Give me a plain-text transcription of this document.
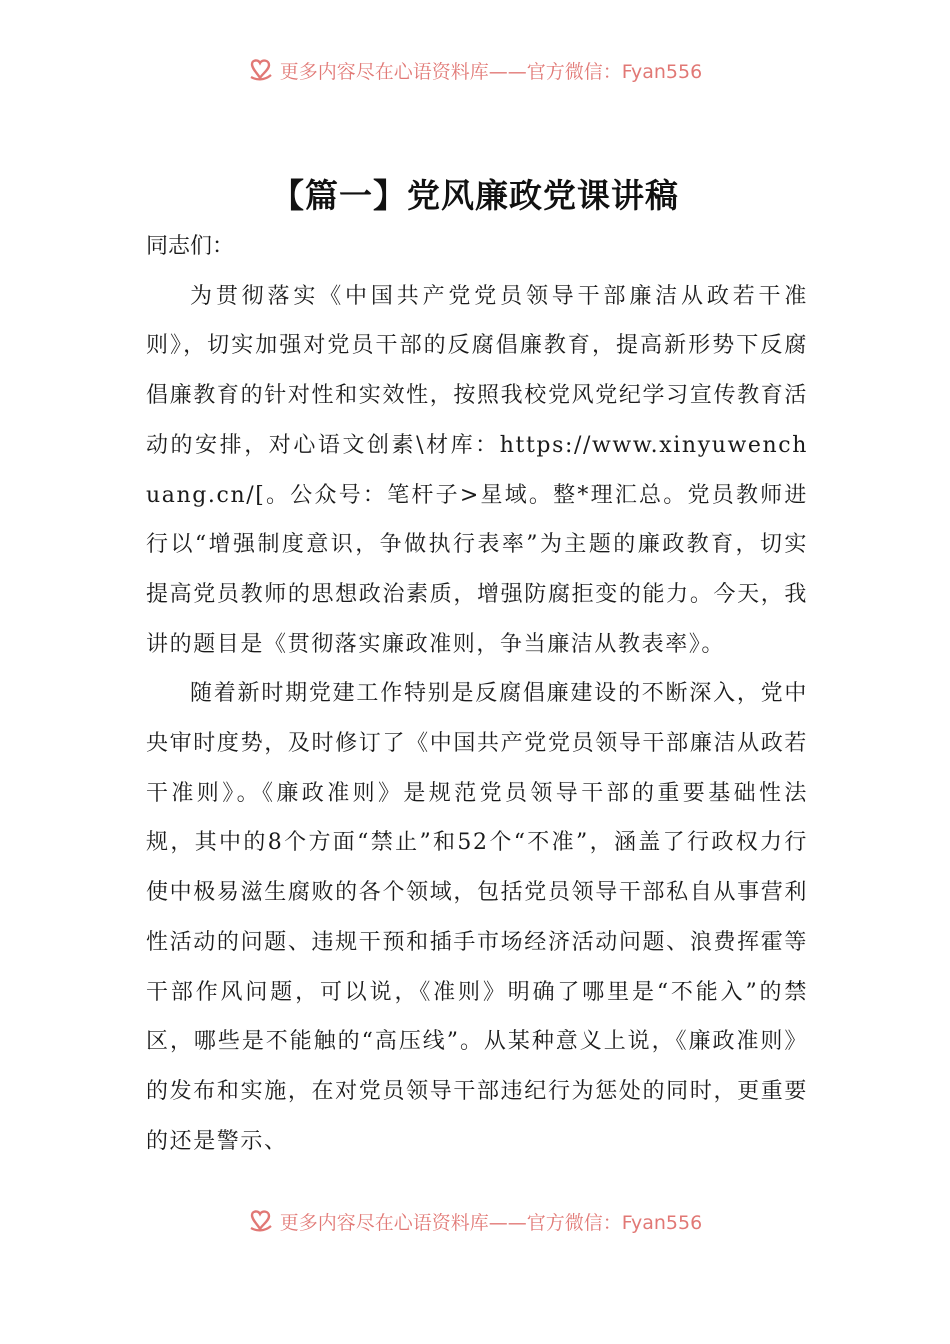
更多内容尽在心语资料库——官方微信：Fyan556
【篇一】党风廉政党课讲稿

同志们：

为贯彻落实《中国共产党党员领导干部廉洁从政若干准则》，切实加强对党员干部的反腐倡廉教育，提高新形势下反腐倡廉教育的针对性和实效性，按照我校党风党纪学习宣传教育活动的安排，对心语文创素\材库：https://www.xinyuwenchuang.cn/[。公众号：笔杆子>星域。整*理汇总。党员教师进行以“增强制度意识，争做执行表率”为主题的廉政教育，切实提高党员教师的思想政治素质，增强防腐拒变的能力。今天，我讲的题目是《贯彻落实廉政准则，争当廉洁从教表率》。

随着新时期党建工作特别是反腐倡廉建设的不断深入，党中央审时度势，及时修订了《中国共产党党员领导干部廉洁从政若干准则》。《廉政准则》是规范党员领导干部的重要基础性法规，其中的8个方面“禁止”和52个“不准”，涵盖了行政权力行使中极易滋生腐败的各个领域，包括党员领导干部私自从事营利性活动的问题、违规干预和插手市场经济活动问题、浪费挥霍等干部作风问题，可以说，《准则》明确了哪里是“不能入”的禁区，哪些是不能触的“高压线”。从某种意义上说，《廉政准则》的发布和实施，在对党员领导干部违纪行为惩处的同时，更重要的还是警示、

更多内容尽在心语资料库——官方微信：Fyan556
